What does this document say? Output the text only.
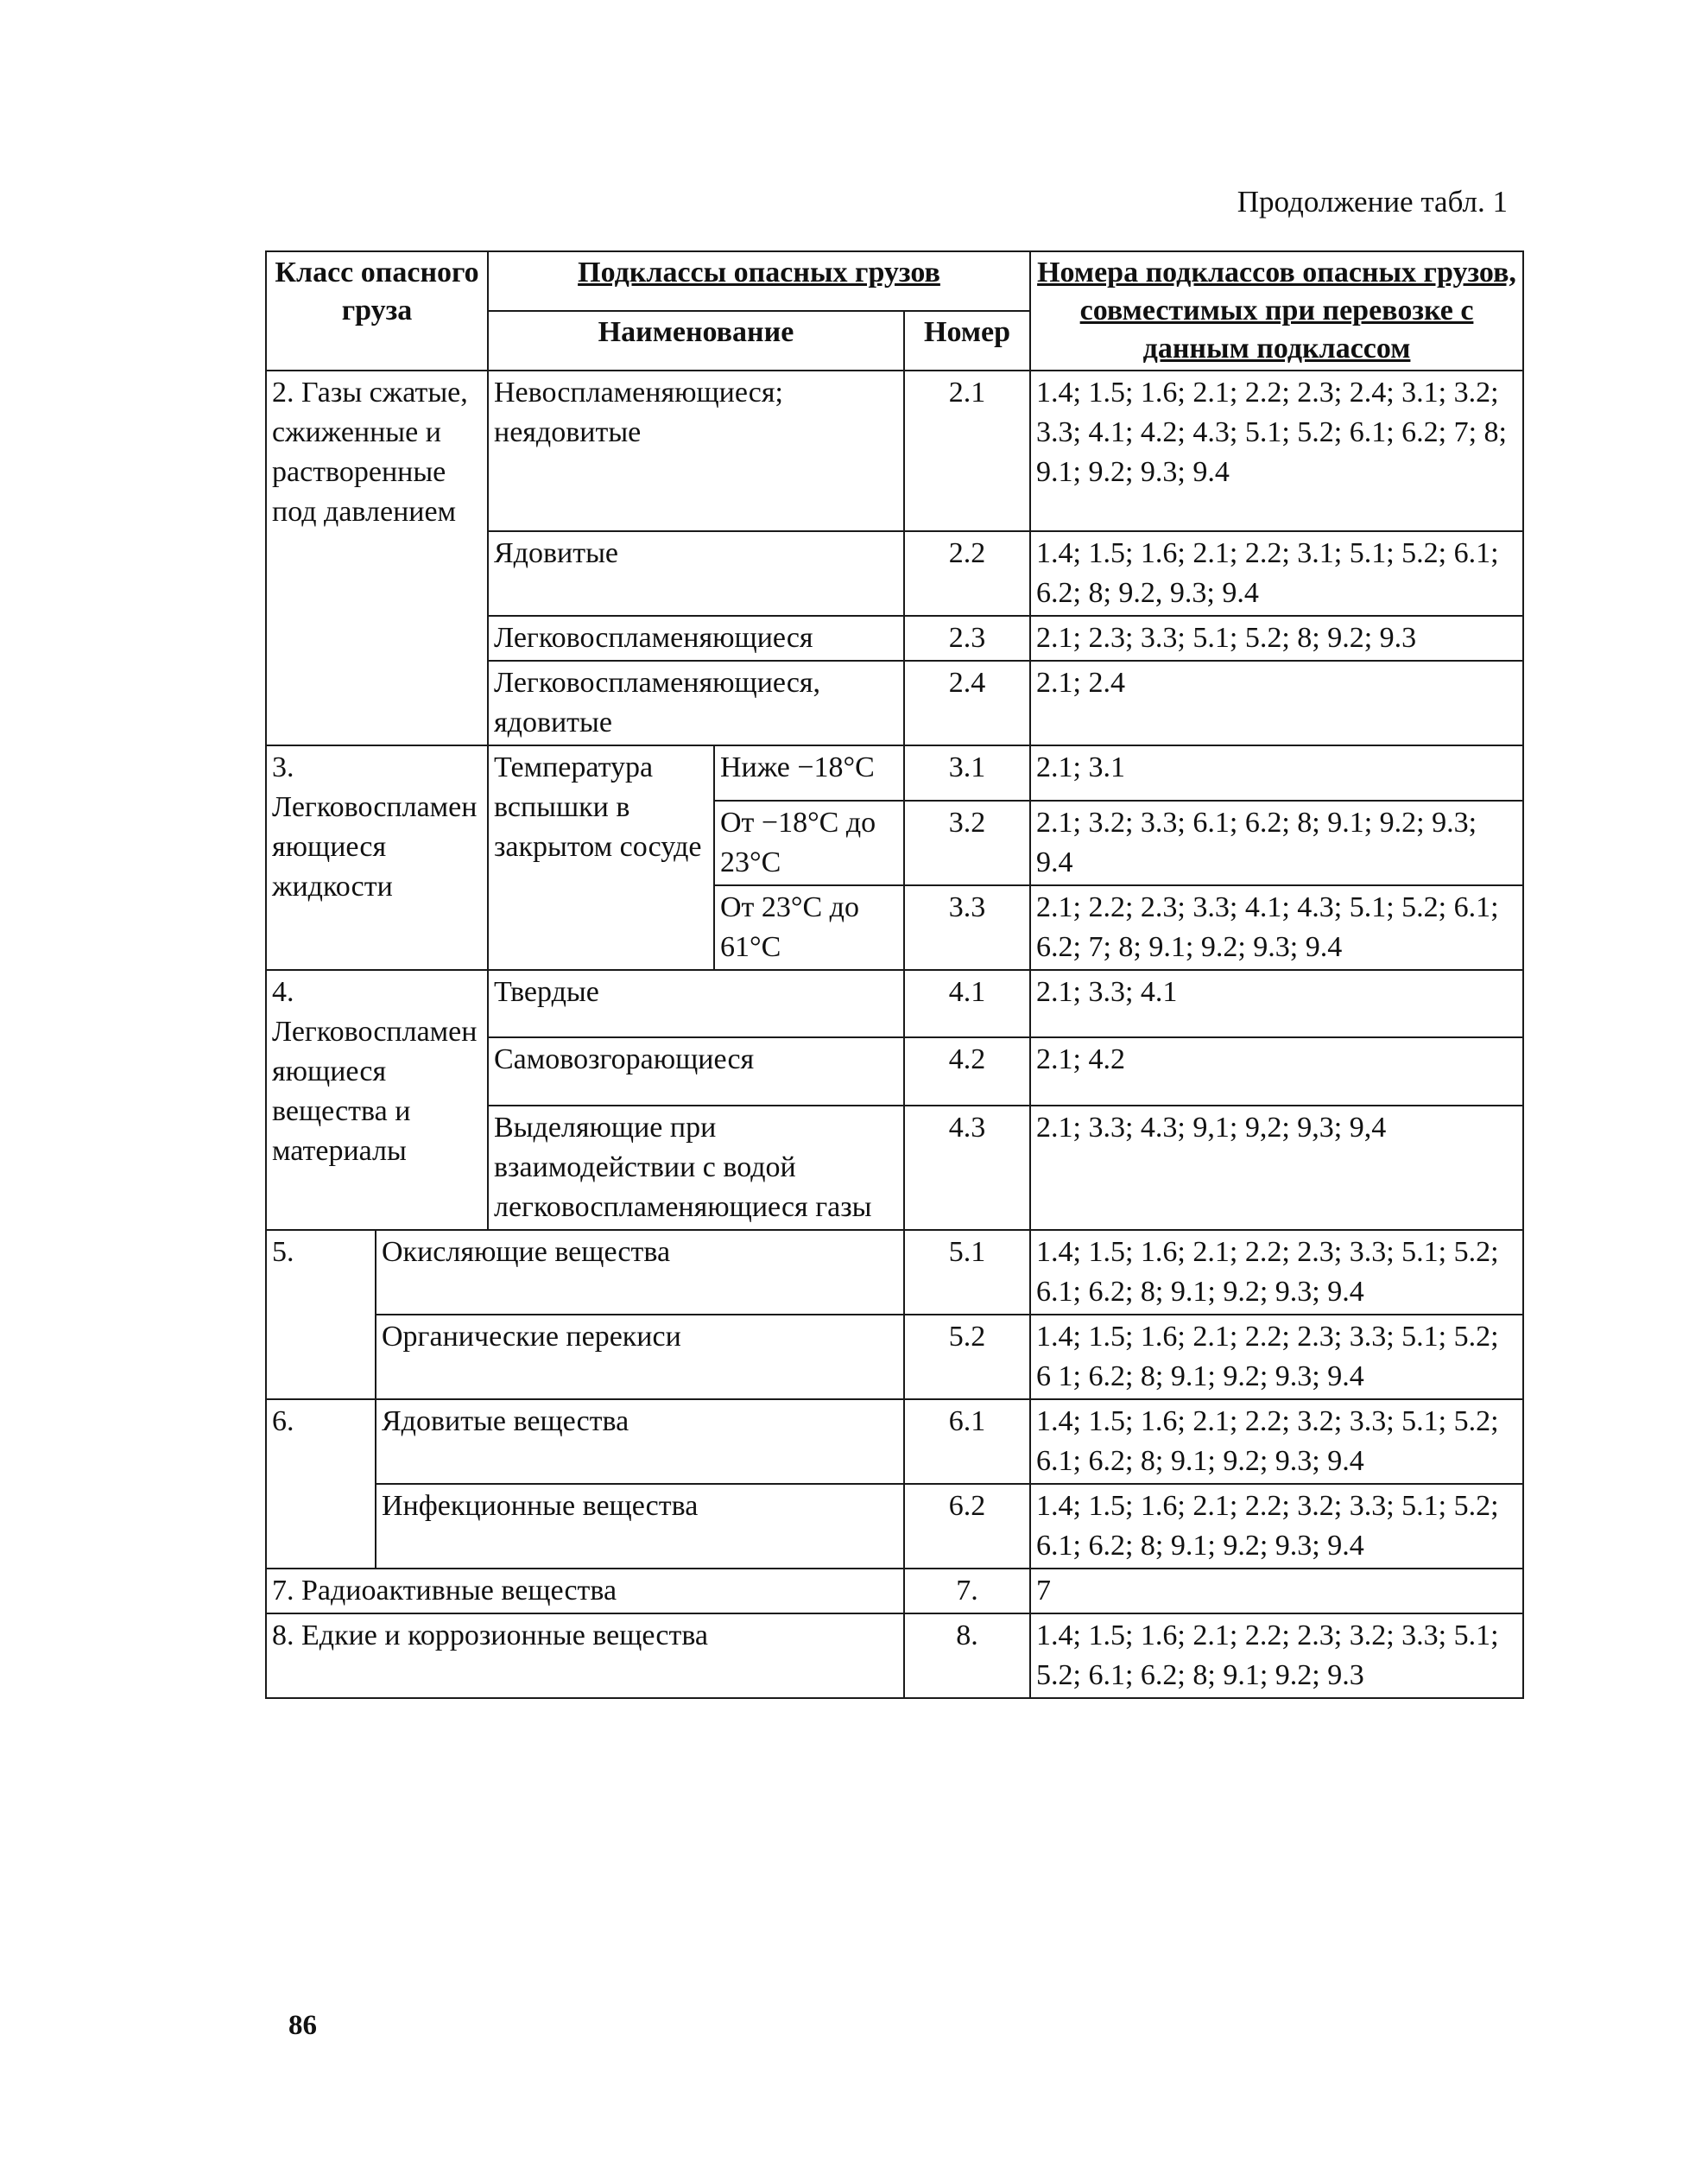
Продолжение табл. 1
Класс опасного груза		Подклассы опасных грузов			Номера подклассов опасных грузов, совместимых при перевозке с данным подклассом
		Наименование		Номер	
2. Газы сжатые, сжиженные и растворенные под давлением		Невоспламеняющиеся; неядовитые		2.1	1.4; 1.5; 1.6; 2.1; 2.2; 2.3; 2.4; 3.1; 3.2; 3.3; 4.1; 4.2; 4.3; 5.1; 5.2; 6.1; 6.2; 7; 8; 9.1; 9.2; 9.3; 9.4
		Ядовитые		2.2	1.4; 1.5; 1.6; 2.1; 2.2; 3.1; 5.1; 5.2; 6.1; 6.2; 8; 9.2, 9.3; 9.4
		Легковоспламеняющиеся		2.3	2.1; 2.3; 3.3; 5.1; 5.2; 8; 9.2; 9.3
		Легковоспламеняющиеся, ядовитые		2.4	2.1; 2.4
3. Легковоспламеняющиеся жидкости		Температура вспышки в закрытом сосуде	Ниже −18°С	3.1	2.1; 3.1
			От −18°С до 23°С	3.2	2.1; 3.2; 3.3; 6.1; 6.2; 8; 9.1; 9.2; 9.3; 9.4
			От 23°С до 61°С	3.3	2.1; 2.2; 2.3; 3.3; 4.1; 4.3; 5.1; 5.2; 6.1; 6.2; 7; 8; 9.1; 9.2; 9.3; 9.4
4. Легковоспламеняющиеся вещества и материалы		Твердые		4.1	2.1; 3.3; 4.1
		Самовозгорающиеся		4.2	2.1; 4.2
		Выделяющие при взаимодействии с водой легковоспламеняющиеся газы		4.3	2.1; 3.3; 4.3; 9,1; 9,2; 9,3; 9,4
5.	Окисляющие вещества			5.1	1.4; 1.5; 1.6; 2.1; 2.2; 2.3; 3.3; 5.1; 5.2; 6.1; 6.2; 8; 9.1; 9.2; 9.3; 9.4
	Органические перекиси			5.2	1.4; 1.5; 1.6; 2.1; 2.2; 2.3; 3.3; 5.1; 5.2; 6 1; 6.2; 8; 9.1; 9.2; 9.3; 9.4
6.	Ядовитые вещества			6.1	1.4; 1.5; 1.6; 2.1; 2.2; 3.2; 3.3; 5.1; 5.2; 6.1; 6.2; 8; 9.1; 9.2; 9.3; 9.4
	Инфекционные вещества			6.2	1.4; 1.5; 1.6; 2.1; 2.2; 3.2; 3.3; 5.1; 5.2; 6.1; 6.2; 8; 9.1; 9.2; 9.3; 9.4
7. Радиоактивные вещества				7.	7
8. Едкие и коррозионные вещества				8.	1.4; 1.5; 1.6; 2.1; 2.2; 2.3; 3.2; 3.3; 5.1; 5.2; 6.1; 6.2; 8; 9.1; 9.2; 9.3
86
